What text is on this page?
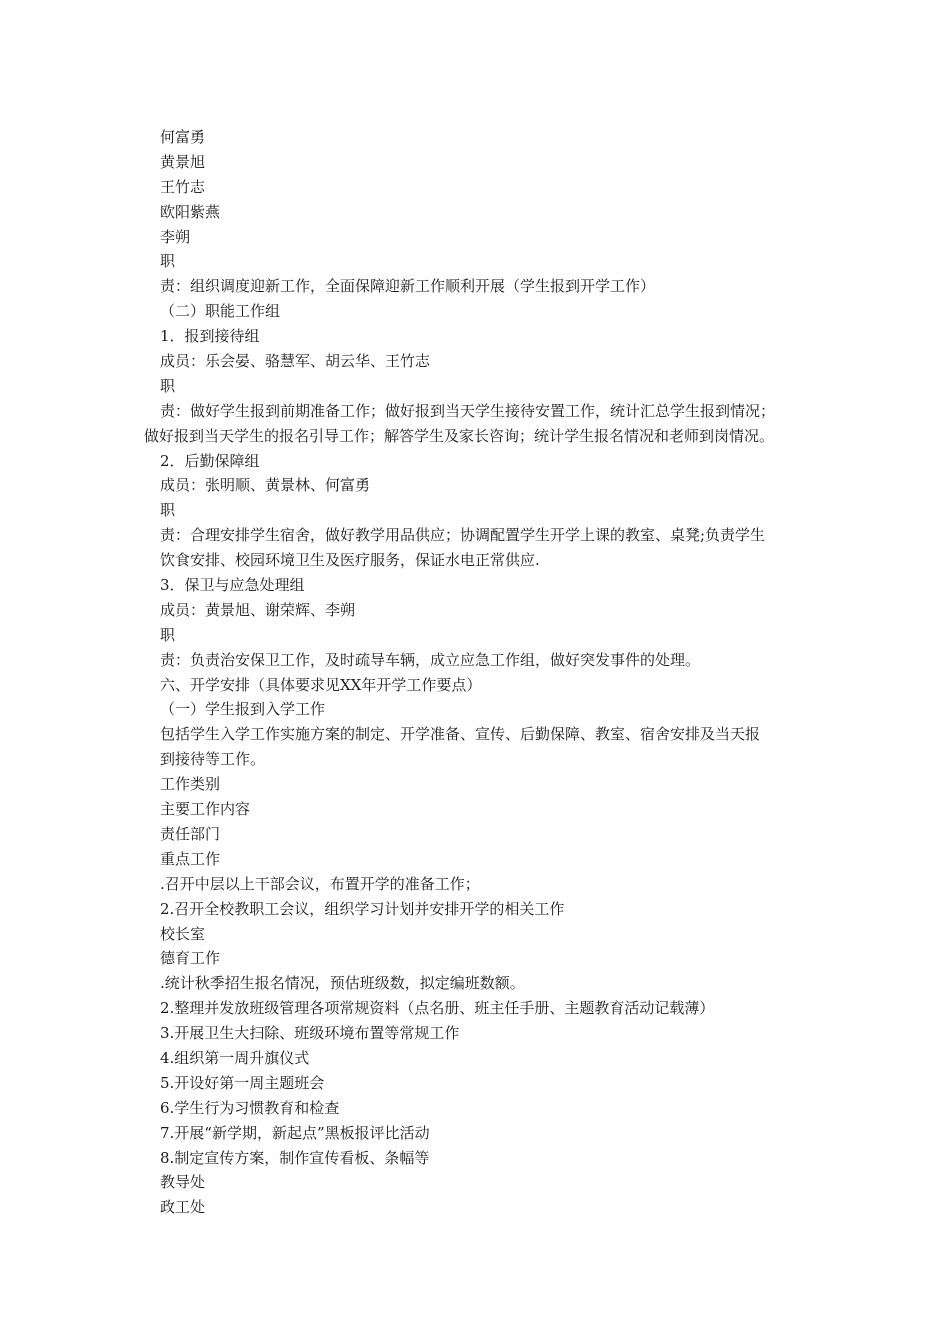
何富勇
黄景旭
王竹志
欧阳紫燕
李朔
职
责：组织调度迎新工作，全面保障迎新工作顺利开展（学生报到开学工作）
（二）职能工作组
1．报到接待组
成员：乐会晏、骆慧军、胡云华、王竹志
职
责：做好学生报到前期准备工作；做好报到当天学生接待安置工作，统计汇总学生报到情况；
做好报到当天学生的报名引导工作；解答学生及家长咨询；统计学生报名情况和老师到岗情况。
2．后勤保障组
成员：张明顺、黄景林、何富勇
职
责：合理安排学生宿舍，做好教学用品供应；协调配置学生开学上课的教室、桌凳;负责学生
饮食安排、校园环境卫生及医疗服务，保证水电正常供应.
3．保卫与应急处理组
成员：黄景旭、谢荣辉、李朔
职
责：负责治安保卫工作，及时疏导车辆，成立应急工作组，做好突发事件的处理。
六、开学安排（具体要求见XX年开学工作要点）
（一）学生报到入学工作
包括学生入学工作实施方案的制定、开学准备、宣传、后勤保障、教室、宿舍安排及当天报
到接待等工作。
工作类别
主要工作内容
责任部门
重点工作
.召开中层以上干部会议，布置开学的准备工作；
2.召开全校教职工会议，组织学习计划并安排开学的相关工作
校长室
德育工作
.统计秋季招生报名情况，预估班级数，拟定编班数额。
2.整理并发放班级管理各项常规资料（点名册、班主任手册、主题教育活动记载薄）
3.开展卫生大扫除、班级环境布置等常规工作
4.组织第一周升旗仪式
5.开设好第一周主题班会
6.学生行为习惯教育和检查
7.开展“新学期，新起点”黑板报评比活动
8.制定宣传方案，制作宣传看板、条幅等
教导处
政工处
